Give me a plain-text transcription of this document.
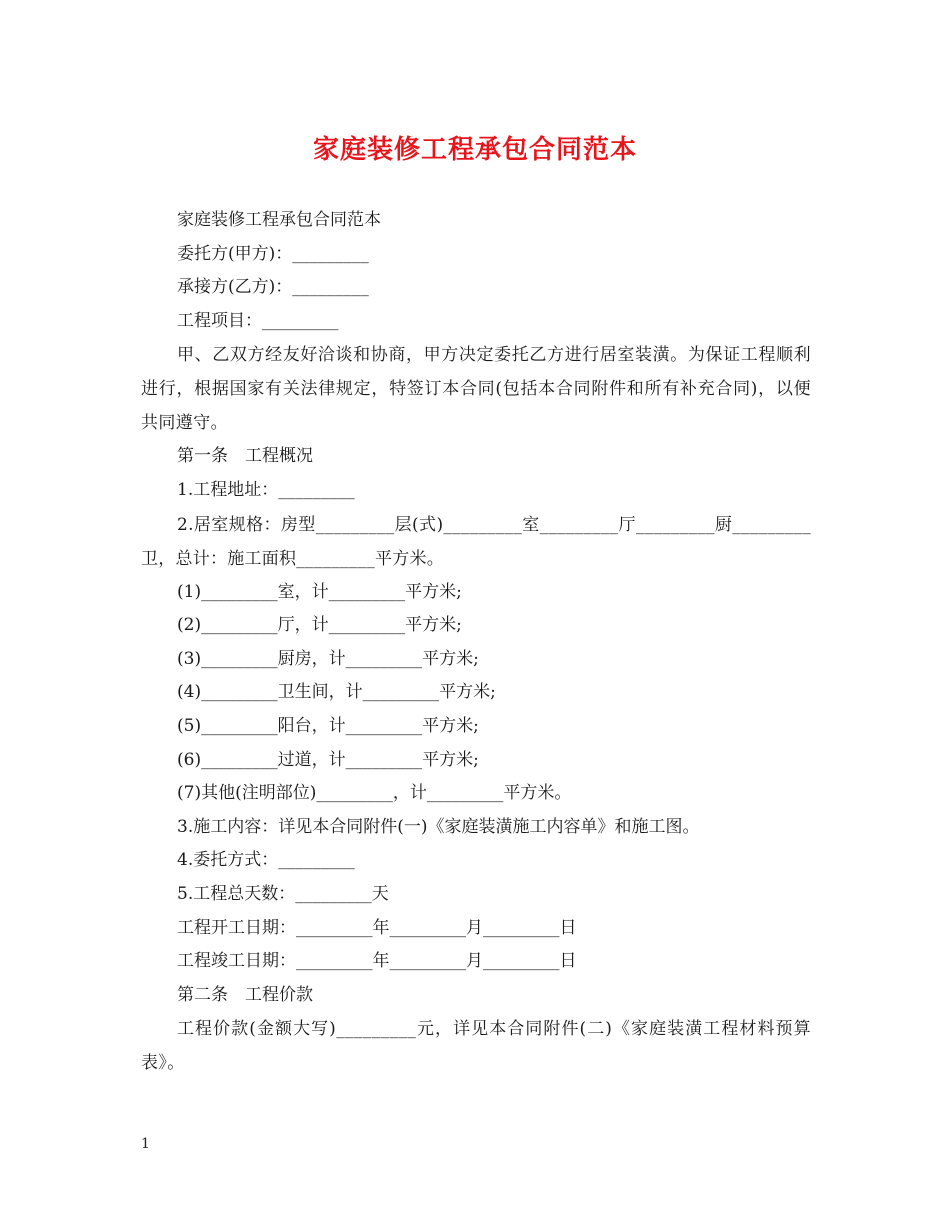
家庭装修工程承包合同范本
家庭装修工程承包合同范本
委托方(甲方)：_________
承接方(乙方)：_________
工程项目：_________
甲、乙双方经友好洽谈和协商，甲方决定委托乙方进行居室装潢。为保证工程顺利进行，根据国家有关法律规定，特签订本合同(包括本合同附件和所有补充合同)，以便共同遵守。
第一条　工程概况
1.工程地址：_________
2.居室规格：房型_________层(式)_________室_________厅_________厨_________卫，总计：施工面积_________平方米。
(1)_________室，计_________平方米;
(2)_________厅，计_________平方米;
(3)_________厨房，计_________平方米;
(4)_________卫生间，计_________平方米;
(5)_________阳台，计_________平方米;
(6)_________过道，计_________平方米;
(7)其他(注明部位)_________，计_________平方米。
3.施工内容：详见本合同附件(一)《家庭装潢施工内容单》和施工图。
4.委托方式：_________
5.工程总天数：_________天
工程开工日期：_________年_________月_________日
工程竣工日期：_________年_________月_________日
第二条　工程价款
工程价款(金额大写)_________元，详见本合同附件(二)《家庭装潢工程材料预算表》。
1
